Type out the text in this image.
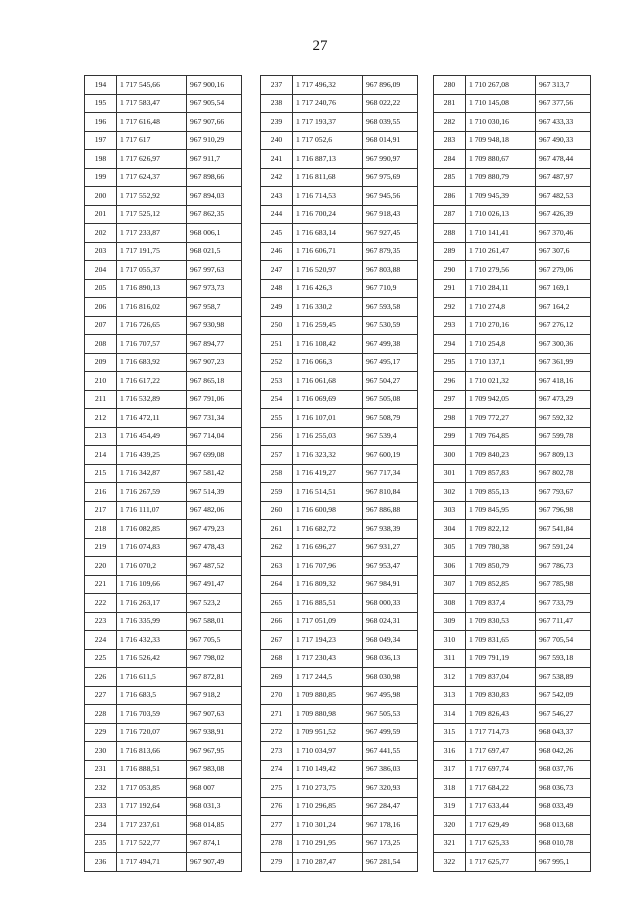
27
194	1 717 545,66	967 900,16
195	1 717 583,47	967 905,54
196	1 717 616,48	967 907,66
197	1 717 617	967 910,29
198	1 717 626,97	967 911,7
199	1 717 624,37	967 898,66
200	1 717 552,92	967 894,03
201	1 717 525,12	967 862,35
202	1 717 233,87	968 006,1
203	1 717 191,75	968 021,5
204	1 717 055,37	967 997,63
205	1 716 890,13	967 973,73
206	1 716 816,02	967 958,7
207	1 716 726,65	967 930,98
208	1 716 707,57	967 894,77
209	1 716 683,92	967 907,23
210	1 716 617,22	967 865,18
211	1 716 532,89	967 791,06
212	1 716 472,11	967 731,34
213	1 716 454,49	967 714,04
214	1 716 439,25	967 699,08
215	1 716 342,87	967 581,42
216	1 716 267,59	967 514,39
217	1 716 111,07	967 482,06
218	1 716 082,85	967 479,23
219	1 716 074,83	967 478,43
220	1 716 070,2	967 487,52
221	1 716 109,66	967 491,47
222	1 716 263,17	967 523,2
223	1 716 335,99	967 588,01
224	1 716 432,33	967 705,5
225	1 716 526,42	967 798,02
226	1 716 611,5	967 872,81
227	1 716 683,5	967 918,2
228	1 716 703,59	967 907,63
229	1 716 720,07	967 938,91
230	1 716 813,66	967 967,95
231	1 716 888,51	967 983,08
232	1 717 053,85	968 007
233	1 717 192,64	968 031,3
234	1 717 237,61	968 014,85
235	1 717 522,77	967 874,1
236	1 717 494,71	967 907,49
237	1 717 496,32	967 896,09
238	1 717 240,76	968 022,22
239	1 717 193,37	968 039,55
240	1 717 052,6	968 014,91
241	1 716 887,13	967 990,97
242	1 716 811,68	967 975,69
243	1 716 714,53	967 945,56
244	1 716 700,24	967 918,43
245	1 716 683,14	967 927,45
246	1 716 606,71	967 879,35
247	1 716 520,97	967 803,88
248	1 716 426,3	967 710,9
249	1 716 330,2	967 593,58
250	1 716 259,45	967 530,59
251	1 716 108,42	967 499,38
252	1 716 066,3	967 495,17
253	1 716 061,68	967 504,27
254	1 716 069,69	967 505,08
255	1 716 107,01	967 508,79
256	1 716 255,03	967 539,4
257	1 716 323,32	967 600,19
258	1 716 419,27	967 717,34
259	1 716 514,51	967 810,84
260	1 716 600,98	967 886,88
261	1 716 682,72	967 938,39
262	1 716 696,27	967 931,27
263	1 716 707,96	967 953,47
264	1 716 809,32	967 984,91
265	1 716 885,51	968 000,33
266	1 717 051,09	968 024,31
267	1 717 194,23	968 049,34
268	1 717 230,43	968 036,13
269	1 717 244,5	968 030,98
270	1 709 880,85	967 495,98
271	1 709 880,98	967 505,53
272	1 709 951,52	967 499,59
273	1 710 034,97	967 441,55
274	1 710 149,42	967 386,03
275	1 710 273,75	967 320,93
276	1 710 296,85	967 284,47
277	1 710 301,24	967 178,16
278	1 710 291,95	967 173,25
279	1 710 287,47	967 281,54
280	1 710 267,08	967 313,7
281	1 710 145,08	967 377,56
282	1 710 030,16	967 433,33
283	1 709 948,18	967 490,33
284	1 709 880,67	967 478,44
285	1 709 880,79	967 487,97
286	1 709 945,39	967 482,53
287	1 710 026,13	967 426,39
288	1 710 141,41	967 370,46
289	1 710 261,47	967 307,6
290	1 710 279,56	967 279,06
291	1 710 284,11	967 169,1
292	1 710 274,8	967 164,2
293	1 710 270,16	967 276,12
294	1 710 254,8	967 300,36
295	1 710 137,1	967 361,99
296	1 710 021,32	967 418,16
297	1 709 942,05	967 473,29
298	1 709 772,27	967 592,32
299	1 709 764,85	967 599,78
300	1 709 840,23	967 809,13
301	1 709 857,83	967 802,78
302	1 709 855,13	967 793,67
303	1 709 845,95	967 796,98
304	1 709 822,12	967 541,84
305	1 709 780,38	967 591,24
306	1 709 850,79	967 786,73
307	1 709 852,85	967 785,98
308	1 709 837,4	967 733,79
309	1 709 830,53	967 711,47
310	1 709 831,65	967 705,54
311	1 709 791,19	967 593,18
312	1 709 837,04	967 538,89
313	1 709 830,83	967 542,09
314	1 709 826,43	967 546,27
315	1 717 714,73	968 043,37
316	1 717 697,47	968 042,26
317	1 717 697,74	968 037,76
318	1 717 684,22	968 036,73
319	1 717 633,44	968 033,49
320	1 717 629,49	968 013,68
321	1 717 625,33	968 010,78
322	1 717 625,77	967 995,1
